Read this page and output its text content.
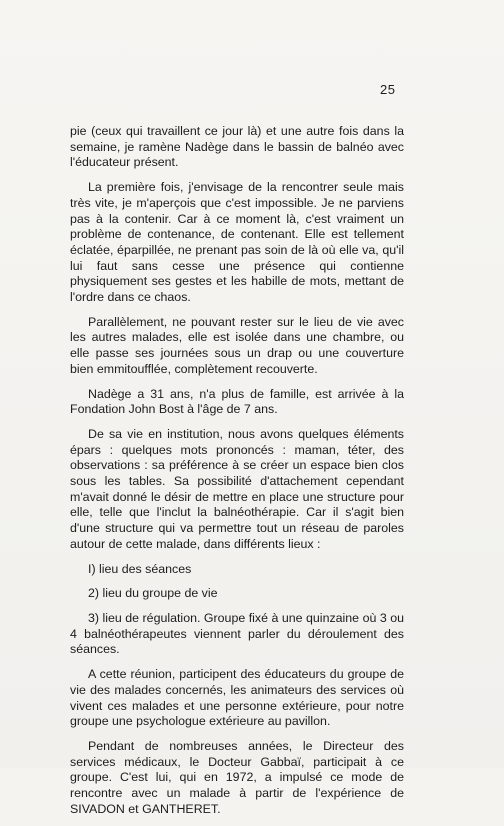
25

pie (ceux qui travaillent ce jour là) et une autre fois dans la semaine, je ramène Nadège dans le bassin de balnéo avec l'éducateur présent.

La première fois, j'envisage de la rencontrer seule mais très vite, je m'aperçois que c'est impossible. Je ne parviens pas à la contenir. Car à ce moment là, c'est vraiment un problème de contenance, de contenant. Elle est tellement éclatée, éparpillée, ne prenant pas soin de là où elle va, qu'il lui faut sans cesse une présence qui contienne physiquement ses gestes et les habille de mots, mettant de l'ordre dans ce chaos.

Parallèlement, ne pouvant rester sur le lieu de vie avec les autres malades, elle est isolée dans une chambre, ou elle passe ses journées sous un drap ou une couverture bien emmitoufflée, complètement recouverte.

Nadège a 31 ans, n'a plus de famille, est arrivée à la Fondation John Bost à l'âge de 7 ans.

De sa vie en institution, nous avons quelques éléments épars : quelques mots prononcés : maman, téter, des observations : sa préférence à se créer un espace bien clos sous les tables. Sa possibilité d'attachement cependant m'avait donné le désir de mettre en place une structure pour elle, telle que l'inclut la balnéothérapie. Car il s'agit bien d'une structure qui va permettre tout un réseau de paroles autour de cette malade, dans différents lieux :

I) lieu des séances

2) lieu du groupe de vie

3) lieu de régulation. Groupe fixé à une quinzaine où 3 ou 4 balnéothérapeutes viennent parler du déroulement des séances.

A cette réunion, participent des éducateurs du groupe de vie des malades concernés, les animateurs des services où vivent ces malades et une personne extérieure, pour notre groupe une psychologue extérieure au pavillon.

Pendant de nombreuses années, le Directeur des services médicaux, le Docteur Gabbaï, participait à ce groupe. C'est lui, qui en 1972, a impulsé ce mode de rencontre avec un malade à partir de l'expérience de SIVADON et GANTHERET.
